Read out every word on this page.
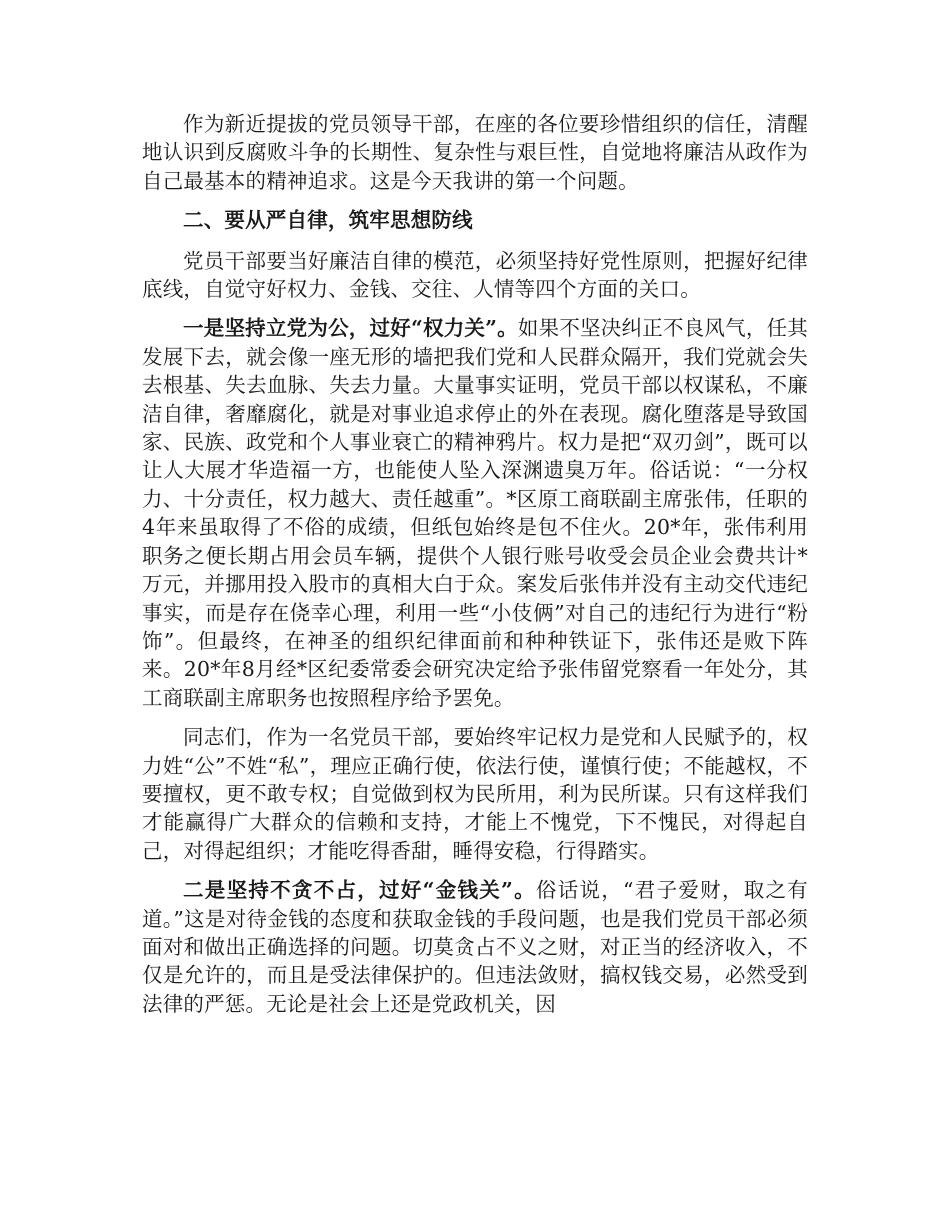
作为新近提拔的党员领导干部，在座的各位要珍惜组织的信任，清醒地认识到反腐败斗争的长期性、复杂性与艰巨性，自觉地将廉洁从政作为自己最基本的精神追求。这是今天我讲的第一个问题。

二、要从严自律，筑牢思想防线

党员干部要当好廉洁自律的模范，必须坚持好党性原则，把握好纪律底线，自觉守好权力、金钱、交往、人情等四个方面的关口。

一是坚持立党为公，过好“权力关”。如果不坚决纠正不良风气，任其发展下去，就会像一座无形的墙把我们党和人民群众隔开，我们党就会失去根基、失去血脉、失去力量。大量事实证明，党员干部以权谋私，不廉洁自律，奢靡腐化，就是对事业追求停止的外在表现。腐化堕落是导致国家、民族、政党和个人事业衰亡的精神鸦片。权力是把“双刃剑”，既可以让人大展才华造福一方，也能使人坠入深渊遗臭万年。俗话说：“一分权力、十分责任，权力越大、责任越重”。*区原工商联副主席张伟，任职的4年来虽取得了不俗的成绩，但纸包始终是包不住火。20*年，张伟利用职务之便长期占用会员车辆，提供个人银行账号收受会员企业会费共计*万元，并挪用投入股市的真相大白于众。案发后张伟并没有主动交代违纪事实，而是存在侥幸心理，利用一些“小伎俩”对自己的违纪行为进行“粉饰”。但最终，在神圣的组织纪律面前和种种铁证下，张伟还是败下阵来。20*年8月经*区纪委常委会研究决定给予张伟留党察看一年处分，其工商联副主席职务也按照程序给予罢免。

同志们，作为一名党员干部，要始终牢记权力是党和人民赋予的，权力姓“公”不姓“私”，理应正确行使，依法行使，谨慎行使；不能越权，不要擅权，更不敢专权；自觉做到权为民所用，利为民所谋。只有这样我们才能赢得广大群众的信赖和支持，才能上不愧党，下不愧民，对得起自己，对得起组织；才能吃得香甜，睡得安稳，行得踏实。

二是坚持不贪不占，过好“金钱关”。俗话说，“君子爱财，取之有道。”这是对待金钱的态度和获取金钱的手段问题，也是我们党员干部必须面对和做出正确选择的问题。切莫贪占不义之财，对正当的经济收入，不仅是允许的，而且是受法律保护的。但违法敛财，搞权钱交易，必然受到法律的严惩。无论是社会上还是党政机关，因
